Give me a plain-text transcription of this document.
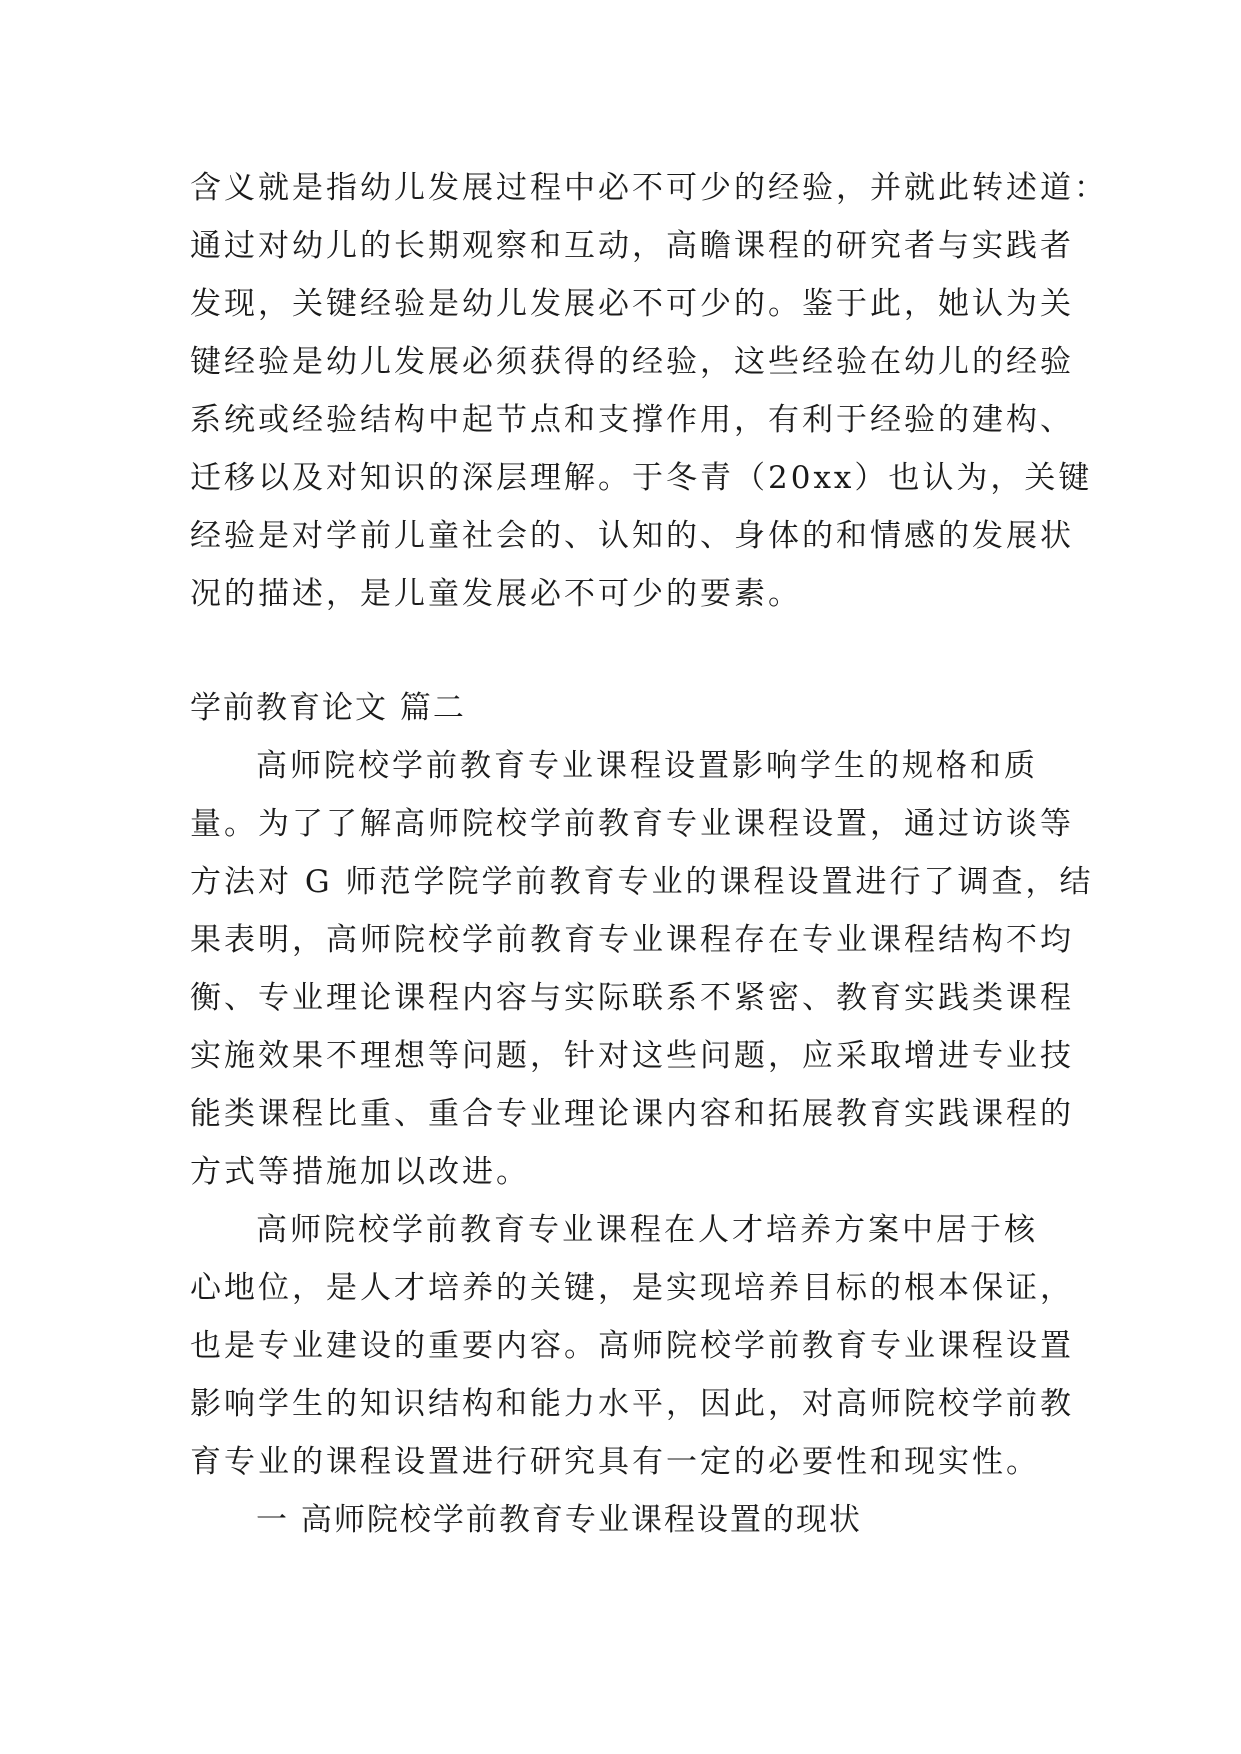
含义就是指幼儿发展过程中必不可少的经验，并就此转述道：
通过对幼儿的长期观察和互动，高瞻课程的研究者与实践者
发现，关键经验是幼儿发展必不可少的。鉴于此，她认为关
键经验是幼儿发展必须获得的经验，这些经验在幼儿的经验
系统或经验结构中起节点和支撑作用，有利于经验的建构、
迁移以及对知识的深层理解。于冬青（20xx）也认为，关键
经验是对学前儿童社会的、认知的、身体的和情感的发展状
况的描述，是儿童发展必不可少的要素。
学前教育论文 篇二
高师院校学前教育专业课程设置影响学生的规格和质
量。为了了解高师院校学前教育专业课程设置，通过访谈等
方法对 G 师范学院学前教育专业的课程设置进行了调查，结
果表明，高师院校学前教育专业课程存在专业课程结构不均
衡、专业理论课程内容与实际联系不紧密、教育实践类课程
实施效果不理想等问题，针对这些问题，应采取增进专业技
能类课程比重、重合专业理论课内容和拓展教育实践课程的
方式等措施加以改进。
高师院校学前教育专业课程在人才培养方案中居于核
心地位，是人才培养的关键，是实现培养目标的根本保证，
也是专业建设的重要内容。高师院校学前教育专业课程设置
影响学生的知识结构和能力水平，因此，对高师院校学前教
育专业的课程设置进行研究具有一定的必要性和现实性。
一 高师院校学前教育专业课程设置的现状
